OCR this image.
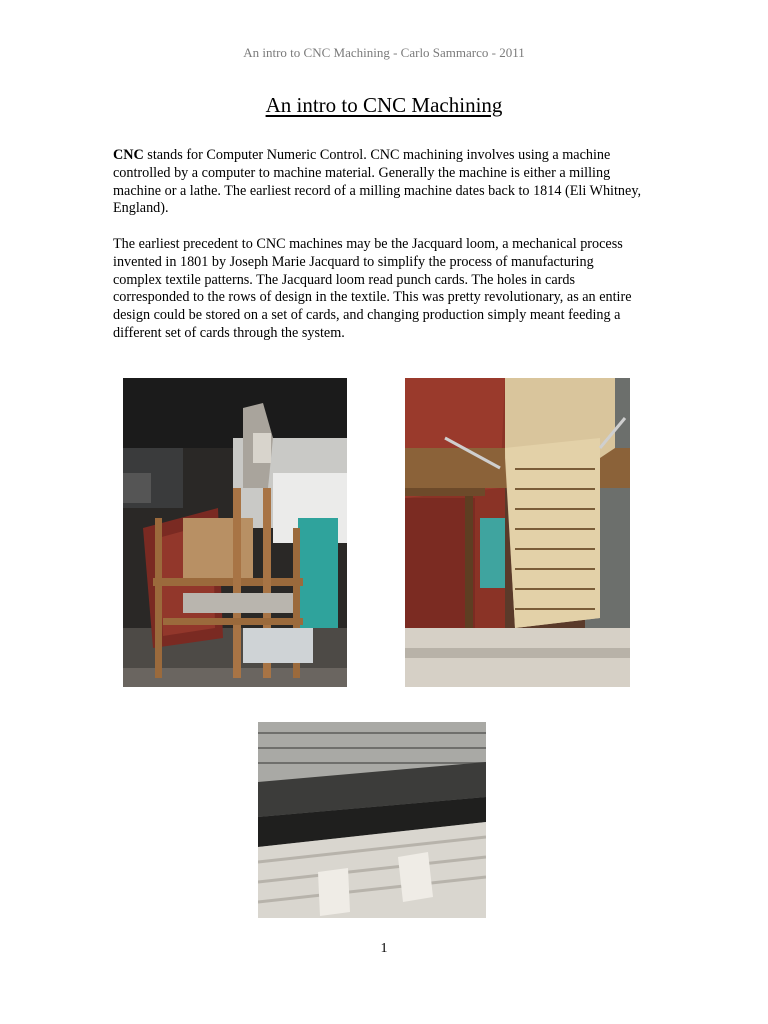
An intro to CNC Machining - Carlo Sammarco - 2011
An intro to CNC Machining
CNC stands for Computer Numeric Control. CNC machining involves using a machine controlled by a computer to machine material. Generally the machine is either a milling machine or a lathe. The earliest record of a milling machine dates back to 1814 (Eli Whitney, England).
The earliest precedent to CNC machines may be the Jacquard loom, a mechanical process invented in 1801 by Joseph Marie Jacquard to simplify the process of manufacturing complex textile patterns. The Jacquard loom read punch cards. The holes in cards corresponded to the rows of design in the textile. This was pretty revolutionary, as an entire design could be stored on a set of cards, and changing production simply meant feeding a different set of cards through the system.
1
